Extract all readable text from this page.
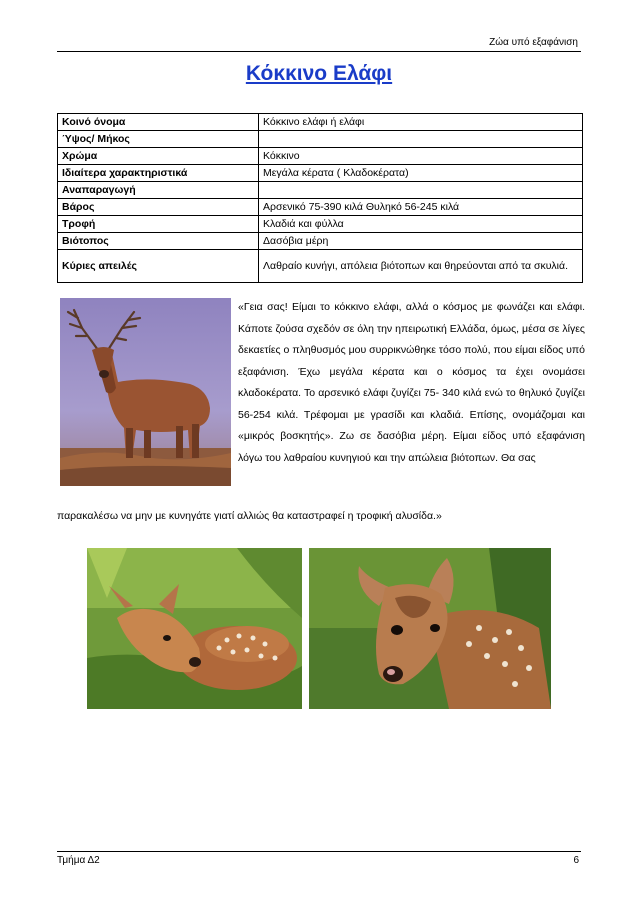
Ζώα υπό εξαφάνιση
Κόκκινο Ελάφι
Κοινό όνομα	Κόκκινο ελάφι ή ελάφι
Ύψος/ Μήκος	
Χρώμα	Κόκκινο
Ιδιαίτερα χαρακτηριστικά	Μεγάλα κέρατα ( Κλαδοκέρατα)
Αναπαραγωγή	
Βάρος	Αρσενικό 75-390 κιλά Θυληκό 56-245 κιλά
Τροφή	Κλαδιά και φύλλα
Βιότοπος	Δασόβια μέρη
Κύριες απειλές	Λαθραίο κυνήγι, απόλεια βιότοπων και θηρεύονται από τα σκυλιά.
«Γεια σας! Είμαι το κόκκινο ελάφι, αλλά ο κόσμος με φωνάζει και ελάφι. Κάποτε ζούσα σχεδόν σε όλη την ηπειρωτική Ελλάδα, όμως, μέσα σε λίγες δεκαετίες ο πληθυσμός μου συρρικνώθηκε τόσο πολύ, που είμαι είδος υπό εξαφάνιση. Έχω μεγάλα κέρατα και ο κόσμος τα έχει ονομάσει κλαδοκέρατα. Το αρσενικό ελάφι ζυγίζει 75- 340 κιλά ενώ το θηλυκό ζυγίζει 56-254 κιλά. Τρέφομαι με γρασίδι και κλαδιά. Επίσης, ονομάζομαι και «μικρός βοσκητής». Ζω σε δασόβια μέρη. Είμαι είδος υπό εξαφάνιση λόγω του λαθραίου κυνηγιού και την απώλεια βιότοπων. Θα σας
παρακαλέσω να μην με κυνηγάτε γιατί αλλιώς θα καταστραφεί η τροφική αλυσίδα.»
Τμήμα Δ2	6
